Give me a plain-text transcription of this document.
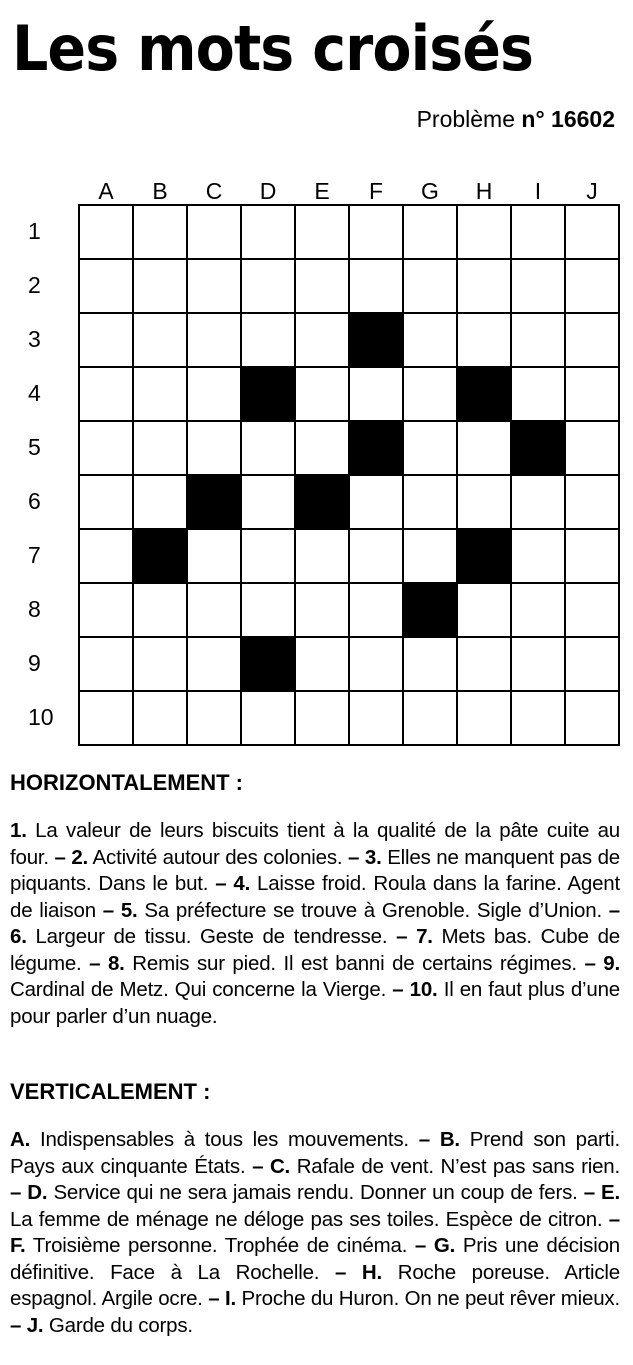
Les mots croisés
Problème n° 16602
A	B	C	D	E	F	G	H	I	J
1
2
3
4
5
6
7
8
9
10
HORIZONTALEMENT :
1. La valeur de leurs biscuits tient à la qualité de la pâte cuite au four. – 2. Activité autour des colonies. – 3. Elles ne manquent pas de piquants. Dans le but. – 4. Laisse froid. Roula dans la farine. Agent de liaison – 5. Sa préfecture se trouve à Grenoble. Sigle d’Union. – 6. Largeur de tissu. Geste de tendresse. – 7. Mets bas. Cube de légume. – 8. Remis sur pied. Il est banni de certains régimes. – 9. Cardinal de Metz. Qui concerne la Vierge. – 10. Il en faut plus d’une pour parler d’un nuage.
VERTICALEMENT :
A. Indispensables à tous les mouvements. – B. Prend son parti. Pays aux cinquante États. – C. Rafale de vent. N’est pas sans rien. – D. Service qui ne sera jamais rendu. Donner un coup de fers. – E. La femme de ménage ne déloge pas ses toiles. Espèce de citron. – F. Troisième personne. Trophée de cinéma. – G. Pris une décision définitive. Face à La Rochelle. – H. Roche poreuse. Article espagnol. Argile ocre. – I. Proche du Huron. On ne peut rêver mieux. – J. Garde du corps.
